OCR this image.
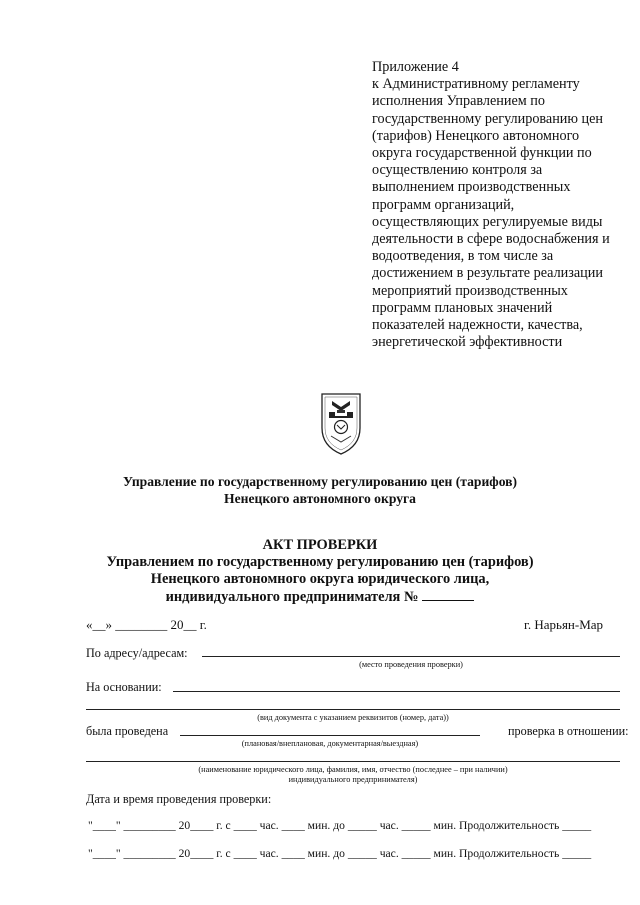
Приложение 4
к Административному регламенту
исполнения Управлением по
государственному регулированию цен
(тарифов) Ненецкого автономного
округа государственной функции по
осуществлению контроля за
выполнением производственных
программ организаций,
осуществляющих регулируемые виды
деятельности в сфере водоснабжения и
водоотведения, в том числе за
достижением в результате реализации
мероприятий производственных
программ плановых значений
показателей надежности, качества,
энергетической эффективности
Управление по государственному регулированию цен (тарифов)
Ненецкого автономного округа
АКТ ПРОВЕРКИ
Управлением по государственному регулированию цен (тарифов)
Ненецкого автономного округа юридического лица,
индивидуального предпринимателя №
«__» ________ 20__ г.	г. Нарьян-Мар
По адресу/адресам:
(место проведения проверки)
На основании:
(вид документа с указанием реквизитов (номер, дата))
была проведена
(плановая/внеплановая, документарная/выездная)
проверка в отношении:
(наименование юридического лица, фамилия, имя, отчество (последнее – при наличии)
индивидуального предпринимателя)
Дата и время проведения проверки:
"____" _________ 20____ г. с ____ час. ____ мин. до _____ час. _____ мин. Продолжительность _____
"____" _________ 20____ г. с ____ час. ____ мин. до _____ час. _____ мин. Продолжительность _____
